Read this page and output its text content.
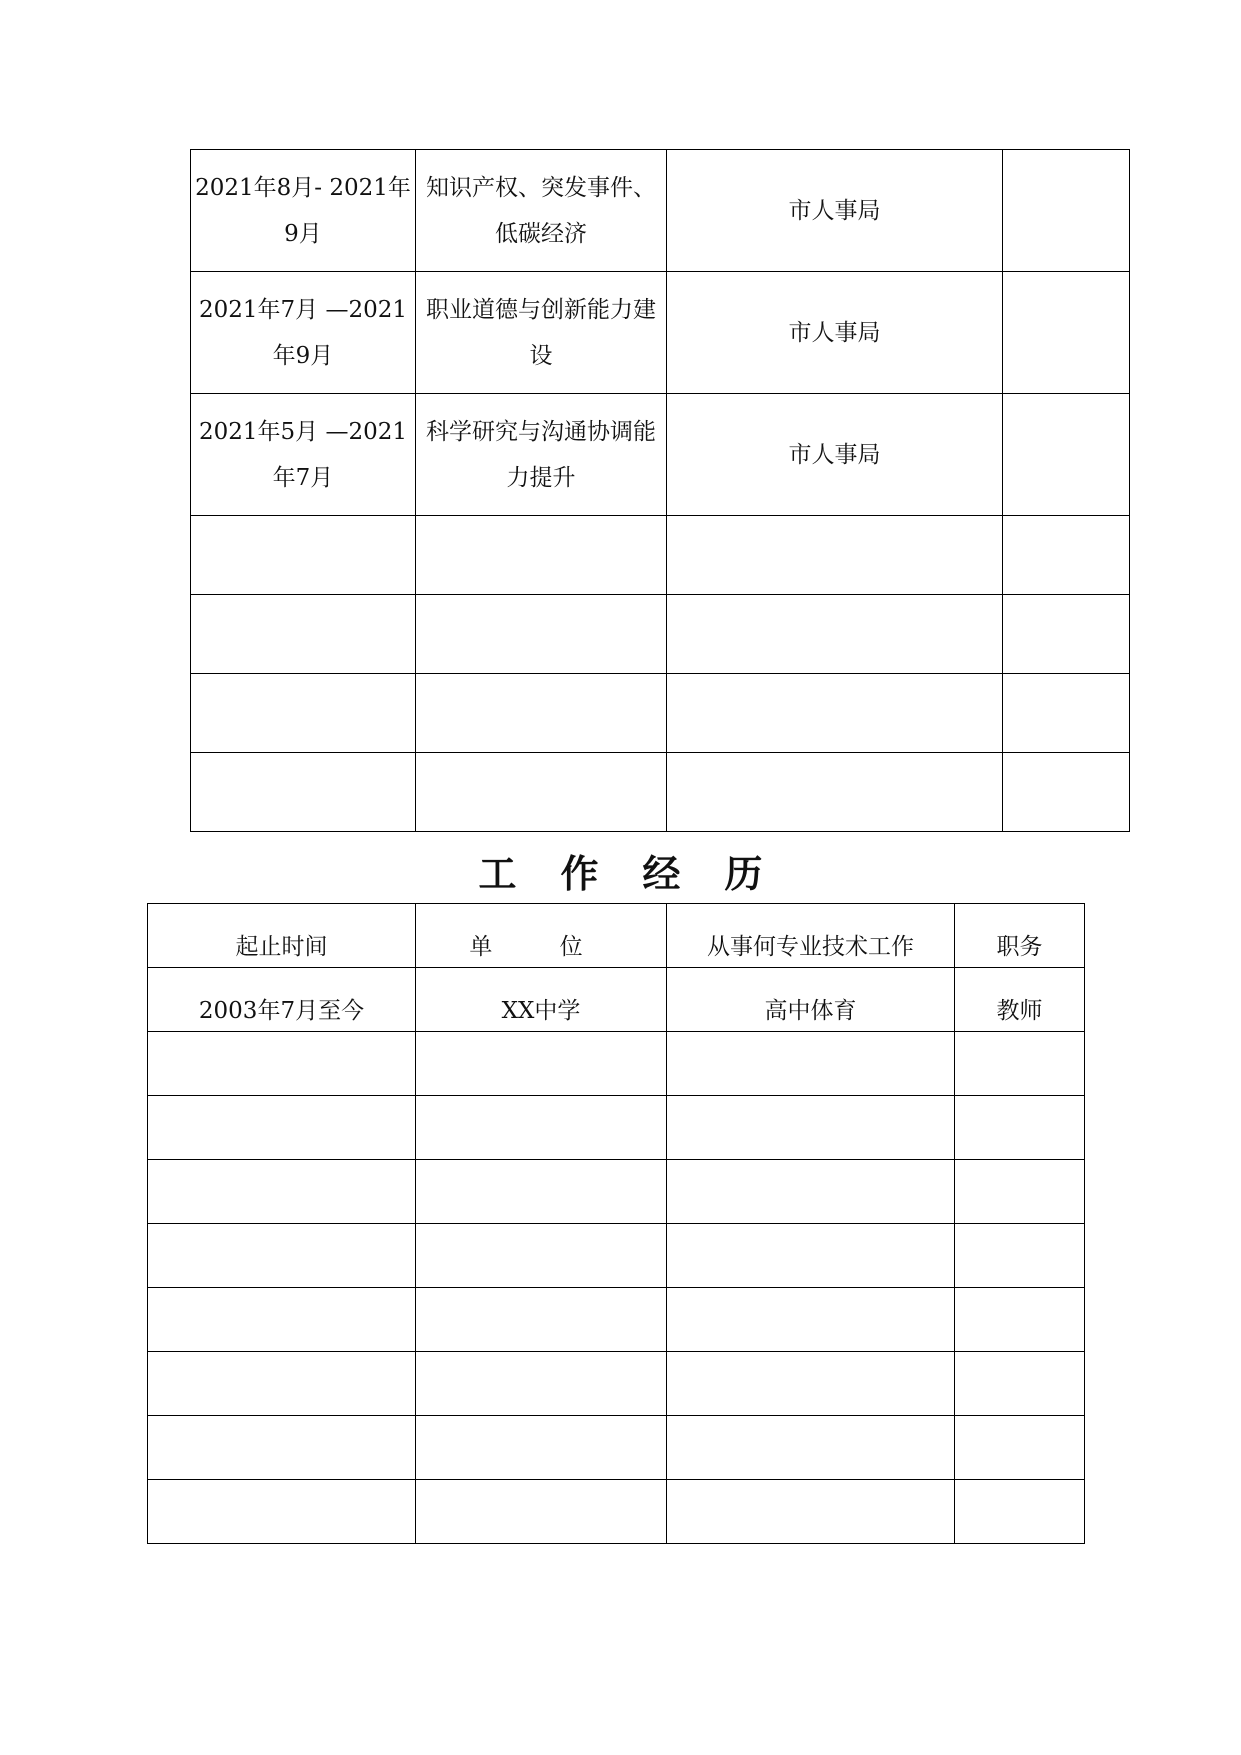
2021年8月- 2021年9月	知识产权、突发事件、低碳经济	市人事局	
2021年7月 —2021年9月	职业道德与创新能力建设	市人事局	
2021年5月 —2021年7月	科学研究与沟通协调能力提升	市人事局	

工作经历
起止时间	单 位	从事何专业技术工作	职务
2003年7月至今	XX中学	高中体育	教师
